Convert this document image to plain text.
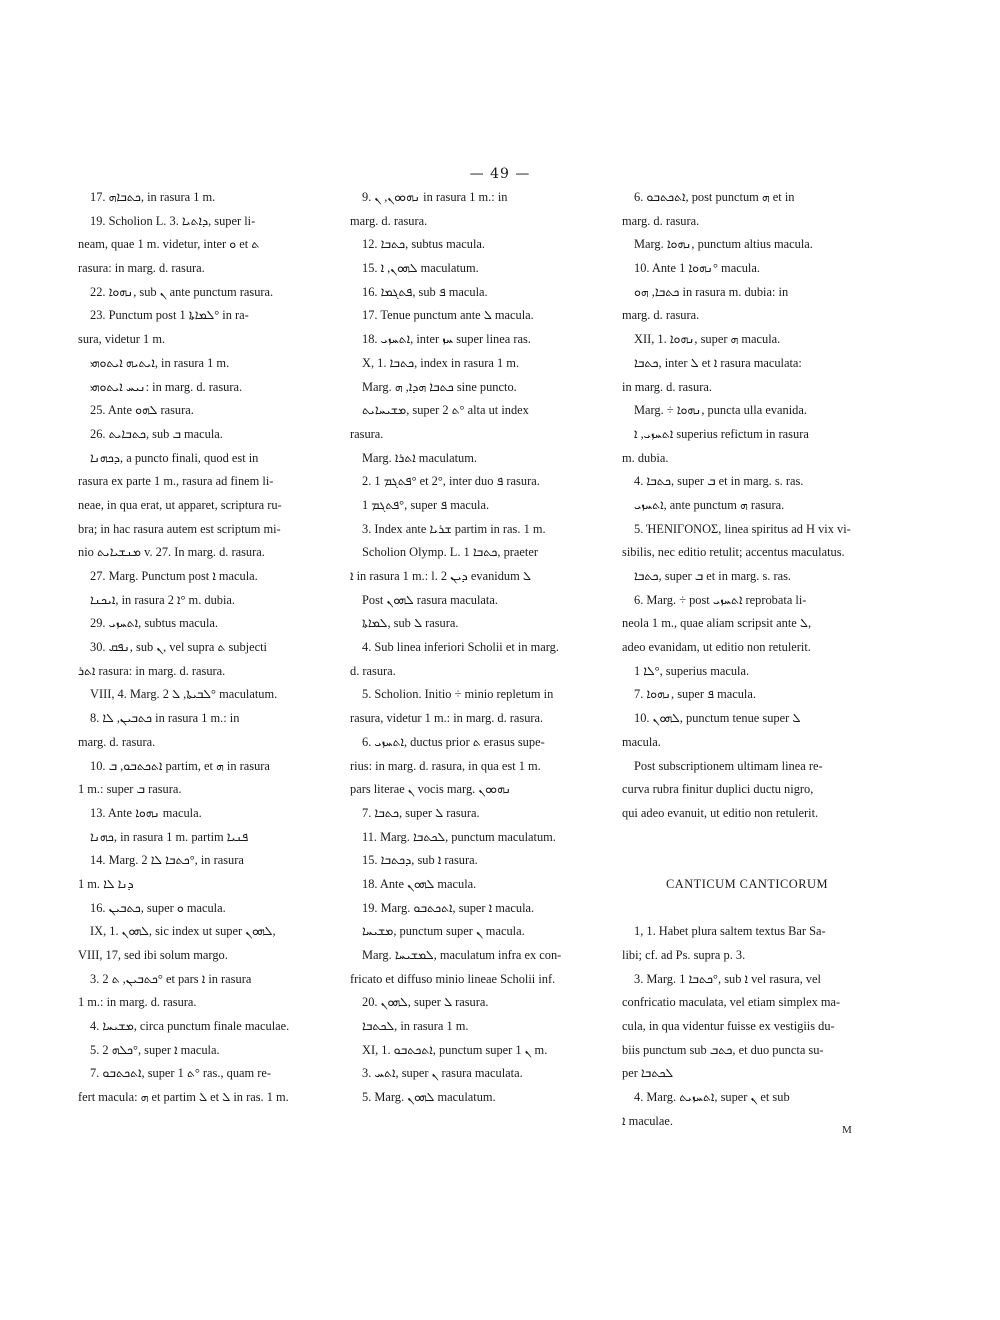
— 49 —
17. ܟܬܒܐܗ, in rasura 1 m.
19. Scholion L. 3. ܕܐܬܝܐ, super li-
neam, quae 1 m. videtur, inter ܘ et ܬ
rasura: in marg. d. rasura.
22. ܢܗܘܐ, sub ܢ ante punctum rasura.
23. Punctum post ܠܡܐܬܐ 1° in ra-
sura, videtur 1 m.
ܐܝܬܝܗ ܐܝܬܘܗܝ, in rasura 1 m.
ܢܝܚ ܐܝܬܘܗܝ: in marg. d. rasura.
25. Ante ܠܗܘ rasura.
26. ܟܬܒܐܝܬ, sub ܒ macula.
ܕܟܗܢܐ, a puncto finali, quod est in
rasura ex parte 1 m., rasura ad finem li-
neae, in qua erat, ut apparet, scriptura ru-
bra; in hac rasura autem est scriptum mi-
nio ܡܢܫܝܐܝܬ v. 27. In marg. d. rasura.
27. Marg. Punctum post ܐ macula.
ܐܝܟܢܐ, in rasura ܐ 2° m. dubia.
29. ܐܬܚܙܝ, subtus macula.
30. ܢܦܩ, sub ܢ, vel supra ܬ subjecti
ܐܬܪ rasura: in marg. d. rasura.
VIII, 4. Marg. ܠܒܝܬܐ, ܠ 2° maculatum.
8. ܟܬܒܝܢ, ܠܐ in rasura 1 m.: in
marg. d. rasura.
10. ܐܬܟܬܒܘ, ܒ partim, et ܗ in rasura
1 m.: super ܒ rasura.
13. Ante ܢܗܘܐ macula.
ܟܗܢܐ, in rasura 1 m. partim ܦܢܝܐ
14. Marg. ܟܬܒܐ ܠܐ 2°, in rasura
1 m. ܕܢܐ ܠܐ
16. ܟܬܒܝܢ, super ܘ macula.
IX, 1. ܠܗܘܢ, sic index ut super ܠܗܘܢ,
VIII, 17, sed ibi solum margo.
3. ܟܬܒܝܢ, ܬ 2° et pars ܐ in rasura
1 m.: in marg. d. rasura.
4. ܡܫܝܚܐ, circa punctum finale maculae.
5. ܟܠܗ 2°, super ܐ macula.
7. ܐܬܟܬܒܘ, super ܬ 1° ras., quam re-
fert macula: ܗ et partim ܠ et ܠ in ras. 1 m.
9. ܢܗܘܘܢ, ܢ in rasura 1 m.: in
marg. d. rasura.
12. ܟܬܒܐ, subtus macula.
15. ܠܗܘܢ, ܐ maculatum.
16. ܦܬܓܡܐ, sub ܦ macula.
17. Tenue punctum ante ܠ macula.
18. ܐܬܚܙܝ, inter ܚܙ super linea ras.
X, 1. ܟܬܒܐ, index in rasura 1 m.
Marg. ܟܬܒܐ ܗܕܐ, ܗ sine puncto.
ܡܫܝܚܐܝܬ, super ܬ 2° alta ut index
rasura.
Marg. ܐܬܪܐ maculatum.
2. ܦܬܓܡ 1° et 2°, inter duo ܦ rasura.
ܦܬܓܡ 1°, super ܦ macula.
3. Index ante ܫܪܝܐ partim in ras. 1 m.
Scholion Olymp. L. 1 ܟܬܒܐ, praeter
ܐ in rasura 1 m.: l. 2 ܕܝܢ evanidum ܠ
Post ܠܗܘܢ rasura maculata.
ܠܡܐܬܐ, sub ܠ rasura.
4. Sub linea inferiori Scholii et in marg.
d. rasura.
5. Scholion. Initio ÷ minio repletum in
rasura, videtur 1 m.: in marg. d. rasura.
6. ܐܬܚܙܝ, ductus prior ܬ erasus supe-
rius: in marg. d. rasura, in qua est 1 m.
pars literae ܢ vocis marg. ܢܗܘܘܢ
7. ܟܬܒܐ, super ܠ rasura.
11. Marg. ܠܟܬܒܐ, punctum maculatum.
15. ܕܟܬܒܐ, sub ܐ rasura.
18. Ante ܠܗܘܢ macula.
19. Marg. ܐܬܟܬܒܘ, super ܐ macula.
ܡܫܝܚܐ, punctum super ܢ macula.
Marg. ܠܡܫܝܚܐ, maculatum infra ex con-
fricato et diffuso minio lineae Scholii inf.
20. ܠܗܘܢ, super ܠ rasura.
ܠܟܬܒܐ, in rasura 1 m.
XI, 1. ܐܬܟܬܒܘ, punctum super ܢ 1 m.
3. ܐܬܚ, super ܢ rasura maculata.
5. Marg. ܠܗܘܢ maculatum.
6. ܐܬܟܬܒܘ, post punctum ܗ et in
marg. d. rasura.
Marg. ܢܗܘܐ, punctum altius macula.
10. Ante ܢܗܘܐ 1° macula.
ܟܬܒܐ, ܗܘ in rasura m. dubia: in
marg. d. rasura.
XII, 1. ܢܗܘܐ, super ܗ macula.
ܟܬܒܐ, inter ܠ et ܐ rasura maculata:
in marg. d. rasura.
Marg. ÷ ܢܗܘܐ, puncta ulla evanida.
ܐܬܚܙܝ, ܐ superius refictum in rasura
m. dubia.
4. ܟܬܒܐ, super ܒ et in marg. s. ras.
ܐܬܚܙܝ, ante punctum ܗ rasura.
5. ΉΕΝΙΓΟΝΟΣ, linea spiritus ad H vix vi-
sibilis, nec editio retulit; accentus maculatus.
ܟܬܒܐ, super ܒ et in marg. s. ras.
6. Marg. ÷ post ܐܬܚܙܝ reprobata li-
neola 1 m., quae aliam scripsit ante ܠ,
adeo evanidam, ut editio non retulerit.
ܠܐ 1°, superius macula.
7. ܢܗܘܐ, super ܦ macula.
10. ܠܗܘܢ, punctum tenue super ܠ
macula.
Post subscriptionem ultimam linea re-
curva rubra finitur duplici ductu nigro,
qui adeo evanuit, ut editio non retulerit.
CANTICUM CANTICORUM
1, 1. Habet plura saltem textus Bar Sa-
libi; cf. ad Ps. supra p. 3.
3. Marg. ܟܬܒܐ 1°, sub ܐ vel rasura, vel
confricatio maculata, vel etiam simplex ma-
cula, in qua videntur fuisse ex vestigiis du-
biis punctum sub ܟܬܒ, et duo puncta su-
per ܠܟܬܒܐ
4. Marg. ܐܬܚܙܝܬ, super ܢ et sub
ܐ maculae.
M
